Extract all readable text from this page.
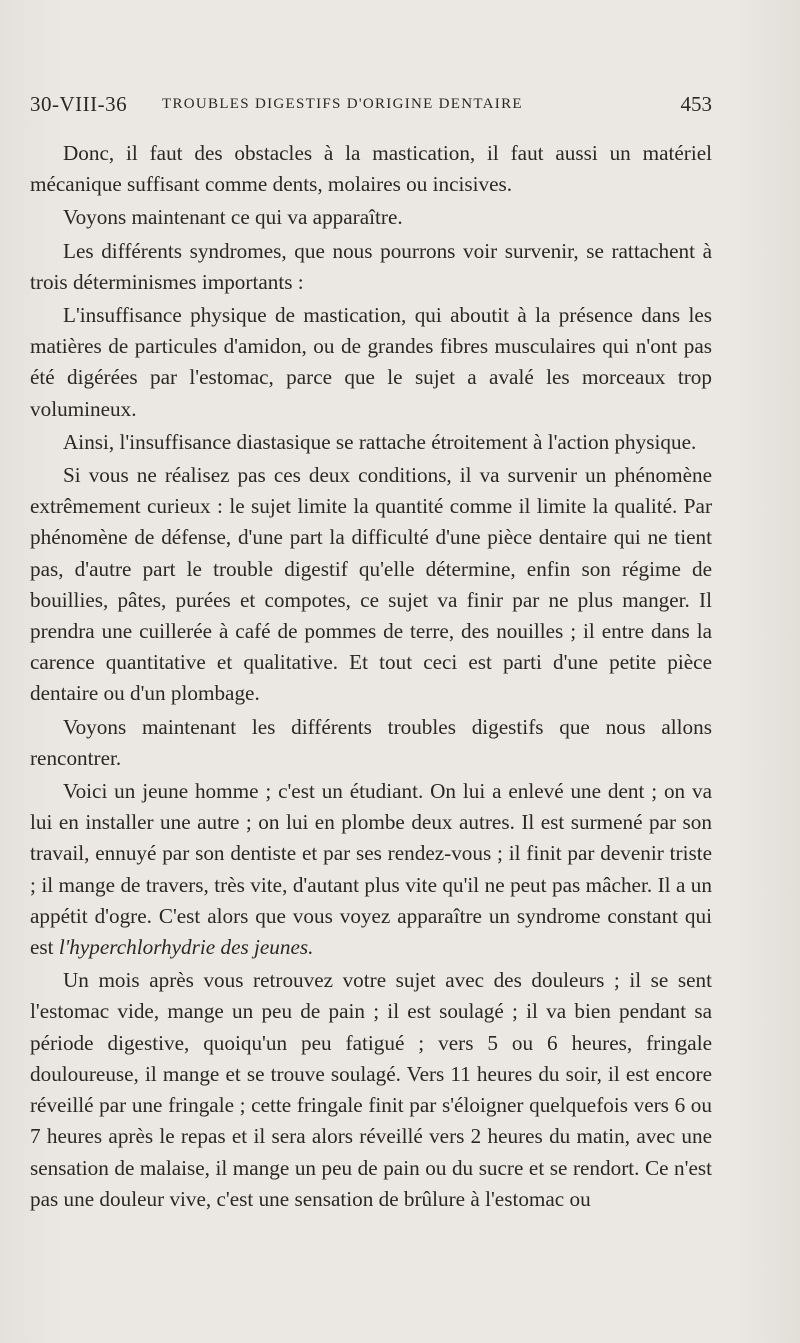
30-VIII-36 TROUBLES DIGESTIFS D'ORIGINE DENTAIRE	453

Donc, il faut des obstacles à la mastication, il faut aussi un matériel mécanique suffisant comme dents, molaires ou incisives.

Voyons maintenant ce qui va apparaître.

Les différents syndromes, que nous pourrons voir survenir, se rattachent à trois déterminismes importants :

L'insuffisance physique de mastication, qui aboutit à la présence dans les matières de particules d'amidon, ou de grandes fibres musculaires qui n'ont pas été digérées par l'estomac, parce que le sujet a avalé les morceaux trop volumineux.

Ainsi, l'insuffisance diastasique se rattache étroitement à l'action physique.

Si vous ne réalisez pas ces deux conditions, il va survenir un phénomène extrêmement curieux : le sujet limite la quantité comme il limite la qualité. Par phénomène de défense, d'une part la difficulté d'une pièce dentaire qui ne tient pas, d'autre part le trouble digestif qu'elle détermine, enfin son régime de bouillies, pâtes, purées et compotes, ce sujet va finir par ne plus manger. Il prendra une cuillerée à café de pommes de terre, des nouilles ; il entre dans la carence quantitative et qualitative. Et tout ceci est parti d'une petite pièce dentaire ou d'un plombage.

Voyons maintenant les différents troubles digestifs que nous allons rencontrer.

Voici un jeune homme ; c'est un étudiant. On lui a enlevé une dent ; on va lui en installer une autre ; on lui en plombe deux autres. Il est surmené par son travail, ennuyé par son dentiste et par ses rendez-vous ; il finit par devenir triste ; il mange de travers, très vite, d'autant plus vite qu'il ne peut pas mâcher. Il a un appétit d'ogre. C'est alors que vous voyez apparaître un syndrome constant qui est l'hyperchlorhydrie des jeunes.

Un mois après vous retrouvez votre sujet avec des douleurs ; il se sent l'estomac vide, mange un peu de pain ; il est soulagé ; il va bien pendant sa période digestive, quoiqu'un peu fatigué ; vers 5 ou 6 heures, fringale douloureuse, il mange et se trouve soulagé. Vers 11 heures du soir, il est encore réveillé par une fringale ; cette fringale finit par s'éloigner quelquefois vers 6 ou 7 heures après le repas et il sera alors réveillé vers 2 heures du matin, avec une sensation de malaise, il mange un peu de pain ou du sucre et se rendort. Ce n'est pas une douleur vive, c'est une sensation de brûlure à l'estomac ou
